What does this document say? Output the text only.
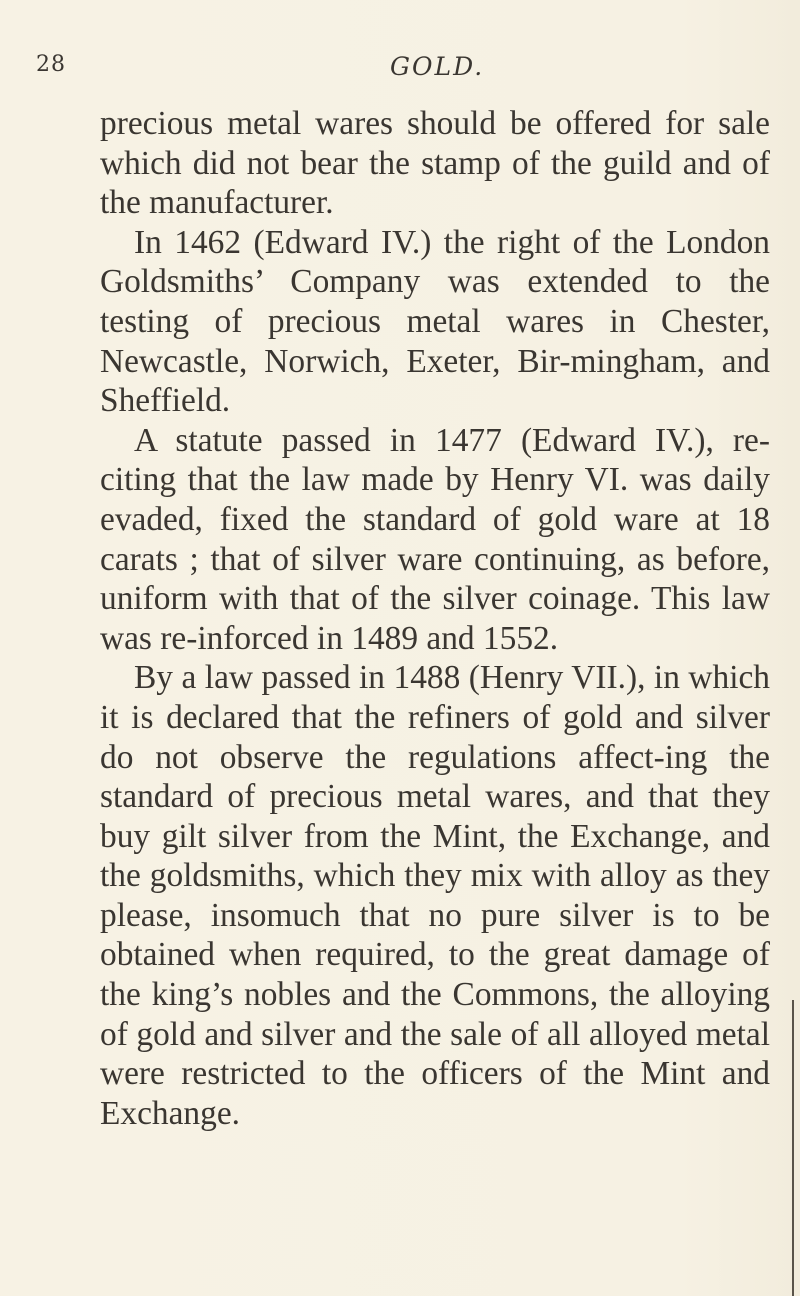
28	GOLD.

precious metal wares should be offered for sale which did not bear the stamp of the guild and of the manufacturer.

In 1462 (Edward IV.) the right of the London Goldsmiths’ Company was extended to the testing of precious metal wares in Chester, Newcastle, Norwich, Exeter, Bir-mingham, and Sheffield.

A statute passed in 1477 (Edward IV.), re-citing that the law made by Henry VI. was daily evaded, fixed the standard of gold ware at 18 carats ; that of silver ware continuing, as before, uniform with that of the silver coinage. This law was re-inforced in 1489 and 1552.

By a law passed in 1488 (Henry VII.), in which it is declared that the refiners of gold and silver do not observe the regulations affect-ing the standard of precious metal wares, and that they buy gilt silver from the Mint, the Exchange, and the goldsmiths, which they mix with alloy as they please, insomuch that no pure silver is to be obtained when required, to the great damage of the king’s nobles and the Commons, the alloying of gold and silver and the sale of all alloyed metal were restricted to the officers of the Mint and Exchange.
